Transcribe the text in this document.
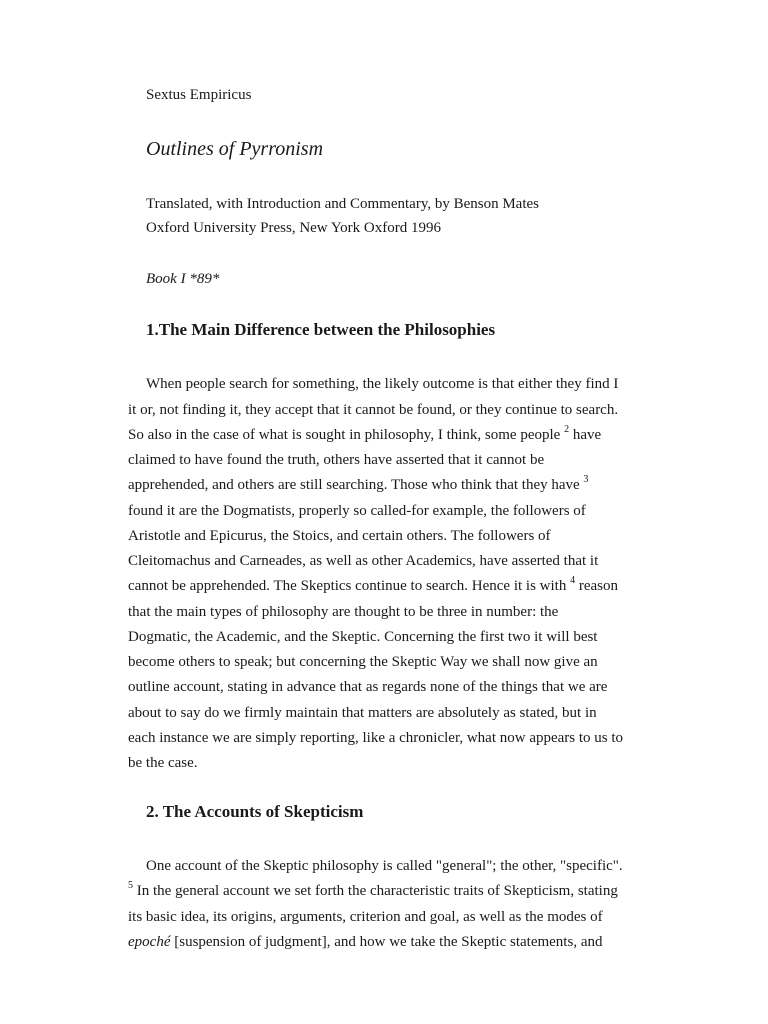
Sextus Empiricus
Outlines of Pyrronism
Translated, with Introduction and Commentary, by Benson Mates
Oxford University Press, New York Oxford 1996
Book I *89*
1.The Main Difference between the Philosophies
When people search for something, the likely outcome is that either they find I
it or, not finding it, they accept that it cannot be found, or they continue to search.
So also in the case of what is sought in philosophy, I think, some people $^2$ have
claimed to have found the truth, others have asserted that it cannot be
apprehended, and others are still searching. Those who think that they have $^3$
found it are the Dogmatists, properly so called-for example, the followers of
Aristotle and Epicurus, the Stoics, and certain others. The followers of
Cleitomachus and Carneades, as well as other Academics, have asserted that it
cannot be apprehended. The Skeptics continue to search. Hence it is with $^4$ reason
that the main types of philosophy are thought to be three in number: the
Dogmatic, the Academic, and the Skeptic. Concerning the first two it will best
become others to speak; but concerning the Skeptic Way we shall now give an
outline account, stating in advance that as regards none of the things that we are
about to say do we firmly maintain that matters are absolutely as stated, but in
each instance we are simply reporting, like a chronicler, what now appears to us to
be the case.
2. The Accounts of Skepticism
One account of the Skeptic philosophy is called "general"; the other, "specific".
$^5$ In the general account we set forth the characteristic traits of Skepticism, stating
its basic idea, its origins, arguments, criterion and goal, as well as the modes of
epoché [suspension of judgment], and how we take the Skeptic statements, and
